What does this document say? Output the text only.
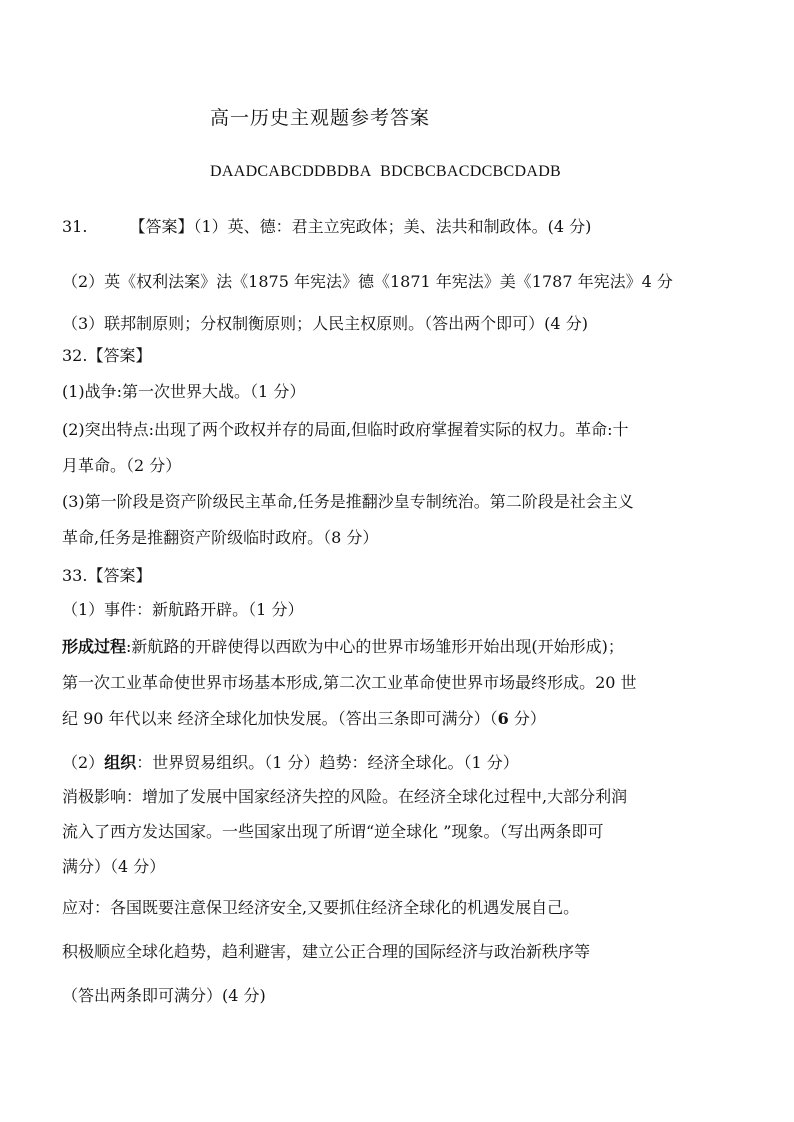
高一历史主观题参考答案
DAADCABCDDBDBA BDCBCBACDCBCDADB
31.	【答案】（1）英、德：君主立宪政体；美、法共和制政体。(4 分)
（2）英《权利法案》法《1875 年宪法》德《1871 年宪法》美《1787 年宪法》4 分
（3）联邦制原则；分权制衡原则；人民主权原则。（答出两个即可）(4 分)
32.【答案】
(1)战争:第一次世界大战。（1 分）
(2)突出特点:出现了两个政权并存的局面,但临时政府掌握着实际的权力。革命:十
月革命。（2 分）
(3)第一阶段是资产阶级民主革命,任务是推翻沙皇专制统治。第二阶段是社会主义
革命,任务是推翻资产阶级临时政府。（8 分）
33.【答案】
（1）事件：新航路开辟。（1 分）
形成过程:新航路的开辟使得以西欧为中心的世界市场雏形开始出现(开始形成)；
第一次工业革命使世界市场基本形成,第二次工业革命使世界市场最终形成。20 世
纪 90 年代以来 经济全球化加快发展。（答出三条即可满分）（6 分）
（2）组织：世界贸易组织。（1 分）趋势：经济全球化。（1 分）
消极影响：增加了发展中国家经济失控的风险。在经济全球化过程中,大部分利润
流入了西方发达国家。一些国家出现了所谓“逆全球化 ”现象。（写出两条即可
满分）（4 分）
应对：各国既要注意保卫经济安全,又要抓住经济全球化的机遇发展自己。
积极顺应全球化趋势，趋利避害，建立公正合理的国际经济与政治新秩序等
（答出两条即可满分）(4 分)
